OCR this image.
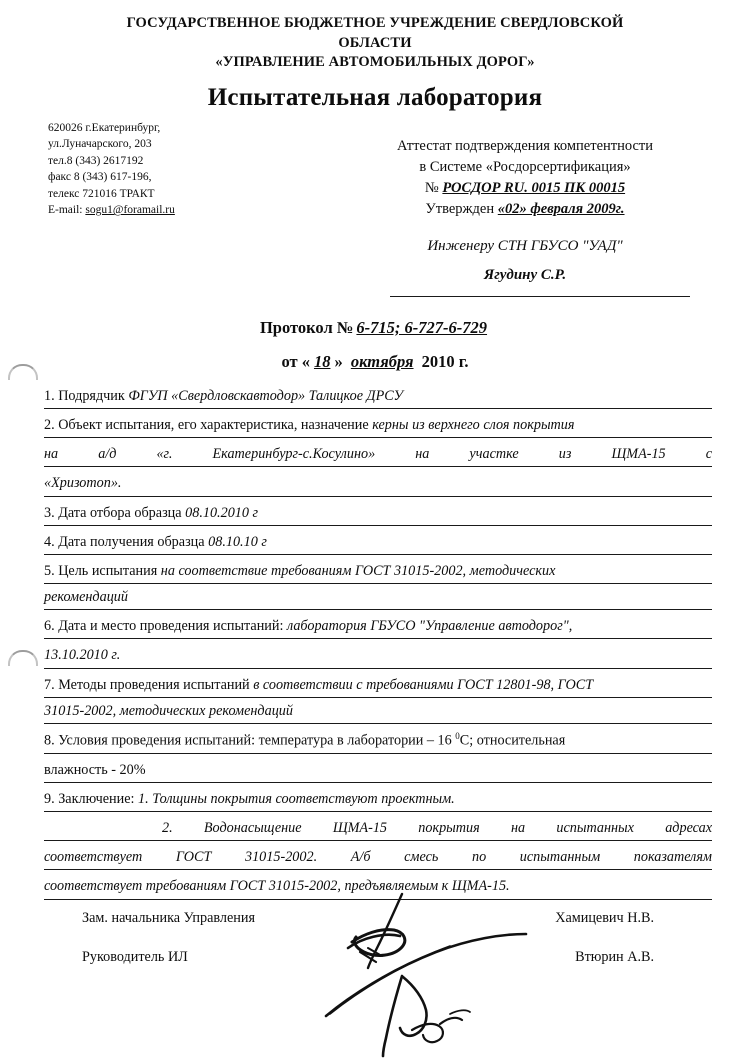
ГОСУДАРСТВЕННОЕ БЮДЖЕТНОЕ УЧРЕЖДЕНИЕ СВЕРДЛОВСКОЙ
ОБЛАСТИ
«УПРАВЛЕНИЕ АВТОМОБИЛЬНЫХ ДОРОГ»
Испытательная лаборатория
620026 г.Екатеринбург,
ул.Луначарского, 203
тел.8 (343) 2617192
факс 8 (343) 617-196,
телекс 721016 ТРАКТ
E-mail: sogu1@foramail.ru
Аттестат подтверждения компетентности
в Системе «Росдорсертификация»
№ РОСДОР RU. 0015 ПК 00015
Утвержден «02» февраля 2009г.
Инженеру СТН ГБУСО "УАД"
Ягудину С.Р.
Протокол № 6-715; 6-727-6-729
от « 18 » октября 2010 г.
1. Подрядчик ФГУП «Свердловскавтодор» Талицкое ДРСУ
2. Объект испытания, его характеристика, назначение керны из верхнего слоя покрытия
на а/д «г. Екатеринбург-с.Косулино» на участке из ЩМА-15 с
«Хризотоп».
3. Дата отбора образца 08.10.2010 г
4. Дата получения образца 08.10.10 г
5. Цель испытания на соответствие требованиям ГОСТ 31015-2002, методических
рекомендаций
6. Дата и место проведения испытаний: лаборатория ГБУСО "Управление автодорог",
13.10.2010 г.
7. Методы проведения испытаний в соответствии с требованиями ГОСТ 12801-98, ГОСТ
31015-2002, методических рекомендаций
8. Условия проведения испытаний: температура в лаборатории – 16 $^0$С; относительная
влажность - 20%
9. Заключение: 1. Толщины покрытия соответствуют проектным.
2. Водонасыщение ЩМА-15 покрытия на испытанных адресах
соответствует ГОСТ 31015-2002. А/б смесь по испытанным показателям
соответствует требованиям ГОСТ 31015-2002, предъявляемым к ЩМА-15.
Зам. начальника Управления	Хамицевич Н.В.
Руководитель ИЛ	Втюрин А.В.
